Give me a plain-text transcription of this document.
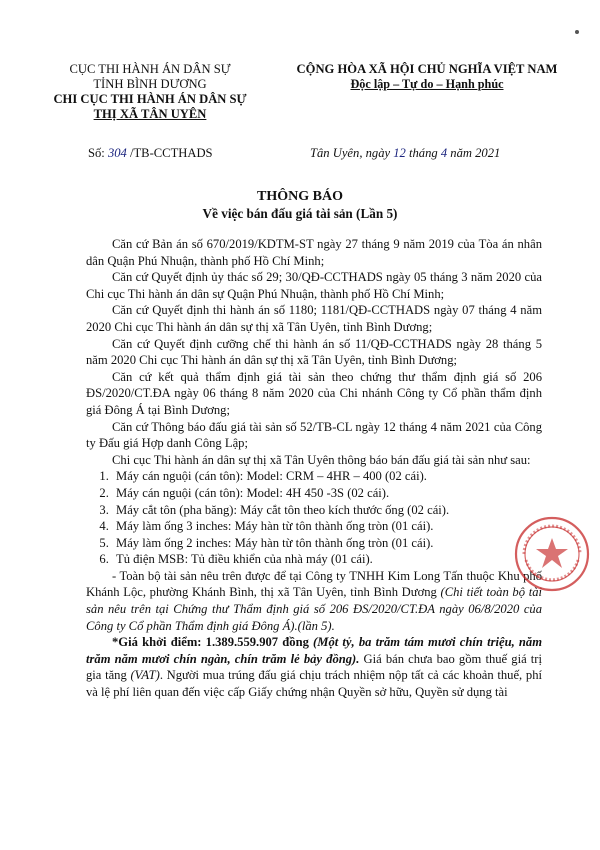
CỤC THI HÀNH ÁN DÂN SỰ
TỈNH BÌNH DƯƠNG
CHI CỤC THI HÀNH ÁN DÂN SỰ
THỊ XÃ TÂN UYÊN
CỘNG HÒA XÃ HỘI CHỦ NGHĨA VIỆT NAM
Độc lập – Tự do – Hạnh phúc
Số: 304 /TB-CCTHADS	Tân Uyên, ngày 12 tháng 4 năm 2021
THÔNG BÁO
Về việc bán đấu giá tài sản (Lần 5)

Căn cứ Bản án số 670/2019/KDTM-ST ngày 27 tháng 9 năm 2019 của Tòa án nhân dân Quận Phú Nhuận, thành phố Hồ Chí Minh;

Căn cứ Quyết định ủy thác số 29; 30/QĐ-CCTHADS ngày 05 tháng 3 năm 2020 của Chi cục Thi hành án dân sự Quận Phú Nhuận, thành phố Hồ Chí Minh;

Căn cứ Quyết định thi hành án số 1180; 1181/QĐ-CCTHADS ngày 07 tháng 4 năm 2020 Chi cục Thi hành án dân sự thị xã Tân Uyên, tỉnh Bình Dương;

Căn cứ Quyết định cưỡng chế thi hành án số 11/QĐ-CCTHADS ngày 28 tháng 5 năm 2020 Chi cục Thi hành án dân sự thị xã Tân Uyên, tỉnh Bình Dương;

Căn cứ kết quả thẩm định giá tài sản theo chứng thư thẩm định giá số 206 ĐS/2020/CT.ĐA ngày 06 tháng 8 năm 2020 của Chi nhánh Công ty Cổ phần thẩm định giá Đông Á tại Bình Dương;

Căn cứ Thông báo đấu giá tài sản số 52/TB-CL ngày 12 tháng 4 năm 2021 của Công ty Đấu giá Hợp danh Công Lập;

Chi cục Thi hành án dân sự thị xã Tân Uyên thông báo bán đấu giá tài sản như sau:

1. Máy cán nguội (cán tôn): Model: CRM – 4HR – 400 (02 cái).
2. Máy cán nguội (cán tôn): Model: 4H 450 -3S (02 cái).
3. Máy cắt tôn (pha băng): Máy cắt tôn theo kích thước ống (02 cái).
4. Máy làm ống 3 inches: Máy hàn từ tôn thành ống tròn (01 cái).
5. Máy làm ống 2 inches: Máy hàn từ tôn thành ống tròn (01 cái).
6. Tủ điện MSB: Tủ điều khiển của nhà máy (01 cái).

- Toàn bộ tài sản nêu trên được để tại Công ty TNHH Kim Long Tấn thuộc Khu phố Khánh Lộc, phường Khánh Bình, thị xã Tân Uyên, tỉnh Bình Dương (Chi tiết toàn bộ tài sản nêu trên tại Chứng thư Thẩm định giá số 206 ĐS/2020/CT.ĐA ngày 06/8/2020 của Công ty Cổ phần Thẩm định giá Đông Á).(lần 5).

*Giá khởi điểm: 1.389.559.907 đồng (Một tỷ, ba trăm tám mươi chín triệu, năm trăm năm mươi chín ngàn, chín trăm lẻ bảy đồng). Giá bán chưa bao gồm thuế giá trị gia tăng (VAT). Người mua trúng đấu giá chịu trách nhiệm nộp tất cả các khoản thuế, phí và lệ phí liên quan đến việc cấp Giấy chứng nhận Quyền sở hữu, Quyền sử dụng tài
